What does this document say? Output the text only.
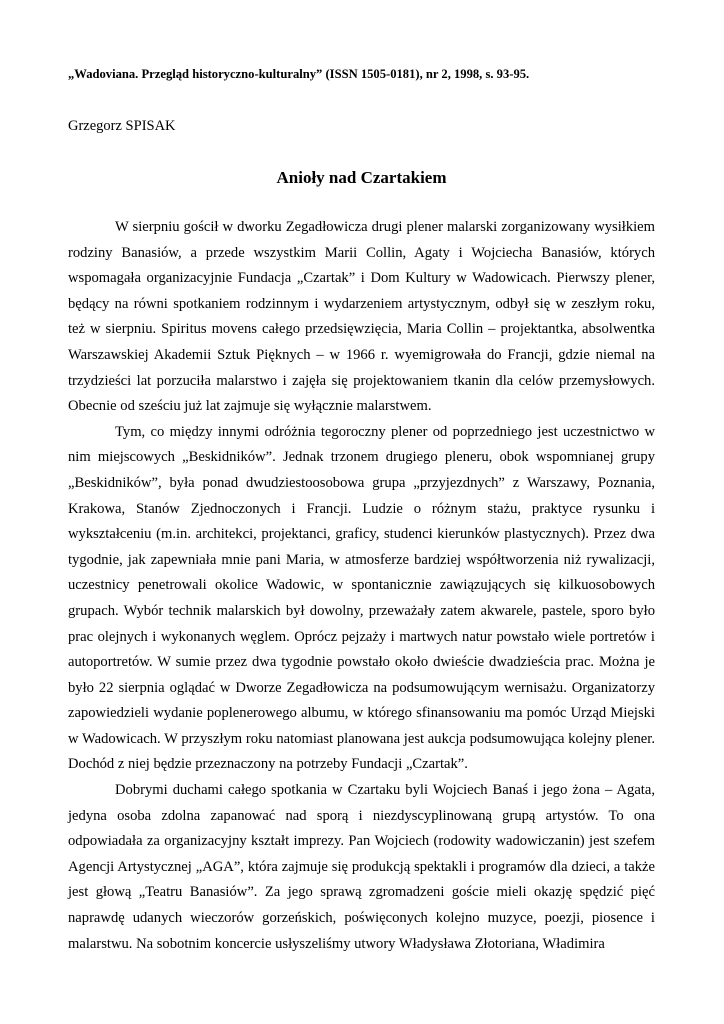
„Wadoviana. Przegląd historyczno-kulturalny” (ISSN 1505-0181), nr 2, 1998, s. 93-95.

Grzegorz SPISAK

Anioły nad Czartakiem

W sierpniu gościł w dworku Zegadłowicza drugi plener malarski zorganizowany wysiłkiem rodziny Banasiów, a przede wszystkim Marii Collin, Agaty i Wojciecha Banasiów, których wspomagała organizacyjnie Fundacja „Czartak” i Dom Kultury w Wadowicach. Pierwszy plener, będący na równi spotkaniem rodzinnym i wydarzeniem artystycznym, odbył się w zeszłym roku, też w sierpniu. Spiritus movens całego przedsięwzięcia, Maria Collin – projektantka, absolwentka Warszawskiej Akademii Sztuk Pięknych – w 1966 r. wyemigrowała do Francji, gdzie niemal na trzydzieści lat porzuciła malarstwo i zajęła się projektowaniem tkanin dla celów przemysłowych. Obecnie od sześciu już lat zajmuje się wyłącznie malarstwem.

Tym, co między innymi odróżnia tegoroczny plener od poprzedniego jest uczestnictwo w nim miejscowych „Beskidników”. Jednak trzonem drugiego pleneru, obok wspomnianej grupy „Beskidników”, była ponad dwudziestoosobowa grupa „przyjezdnych” z Warszawy, Poznania, Krakowa, Stanów Zjednoczonych i Francji. Ludzie o różnym stażu, praktyce rysunku i wykształceniu (m.in. architekci, projektanci, graficy, studenci kierunków plastycznych). Przez dwa tygodnie, jak zapewniała mnie pani Maria, w atmosferze bardziej współtworzenia niż rywalizacji, uczestnicy penetrowali okolice Wadowic, w spontanicznie zawiązujących się kilkuosobowych grupach. Wybór technik malarskich był dowolny, przeważały zatem akwarele, pastele, sporo było prac olejnych i wykonanych węglem. Oprócz pejzaży i martwych natur powstało wiele portretów i autoportretów. W sumie przez dwa tygodnie powstało około dwieście dwadzieścia prac. Można je było 22 sierpnia oglądać w Dworze Zegadłowicza na podsumowującym wernisażu. Organizatorzy zapowiedzieli wydanie poplenerowego albumu, w którego sfinansowaniu ma pomóc Urząd Miejski w Wadowicach. W przyszłym roku natomiast planowana jest aukcja podsumowująca kolejny plener. Dochód z niej będzie przeznaczony na potrzeby Fundacji „Czartak”.

Dobrymi duchami całego spotkania w Czartaku byli Wojciech Banaś i jego żona – Agata, jedyna osoba zdolna zapanować nad sporą i niezdyscyplinowaną grupą artystów. To ona odpowiadała za organizacyjny kształt imprezy. Pan Wojciech (rodowity wadowiczanin) jest szefem Agencji Artystycznej „AGA”, która zajmuje się produkcją spektakli i programów dla dzieci, a także jest głową „Teatru Banasiów”. Za jego sprawą zgromadzeni goście mieli okazję spędzić pięć naprawdę udanych wieczorów gorzeńskich, poświęconych kolejno muzyce, poezji, piosence i malarstwu. Na sobotnim koncercie usłyszeliśmy utwory Władysława Złotoriana, Władimira
